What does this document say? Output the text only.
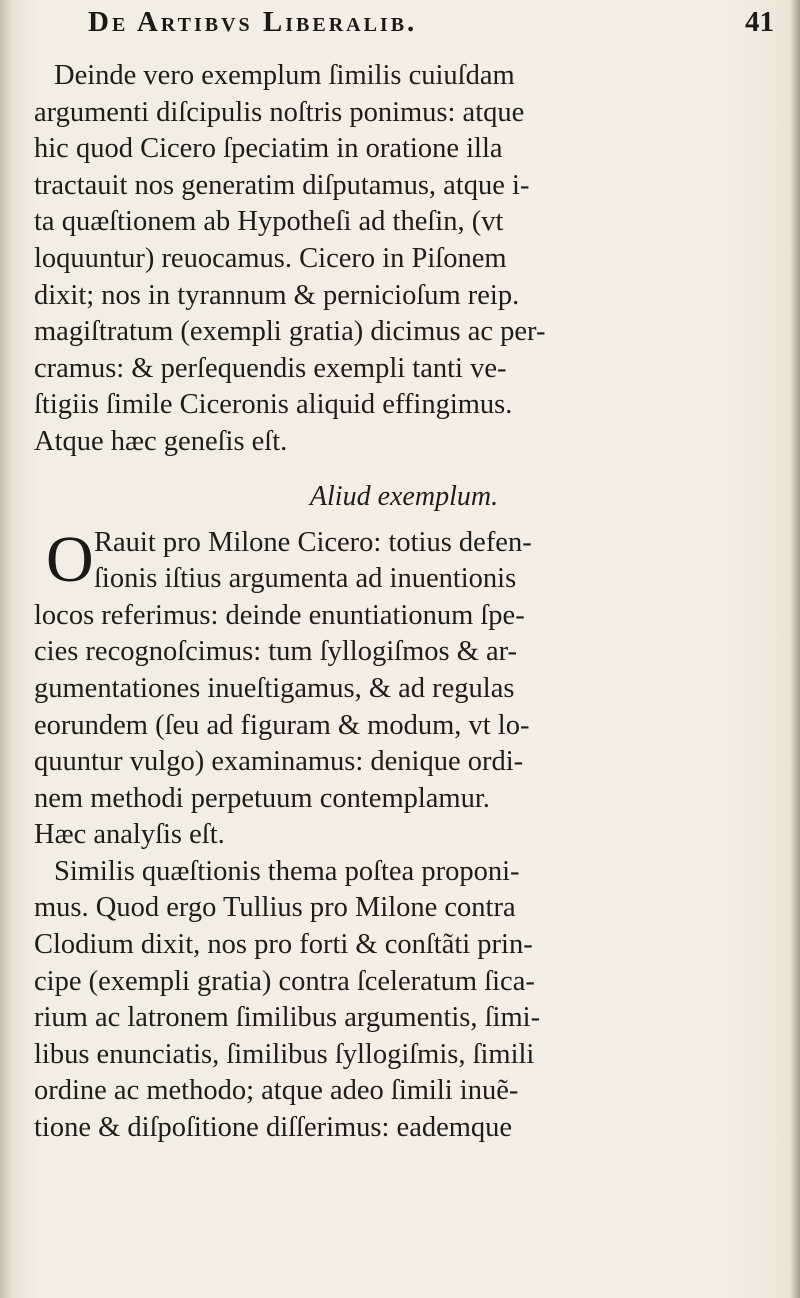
De Artibvs Liberalib.	41
Deinde vero exemplum ſimilis cuiuſdam
argumenti diſcipulis noſtris ponimus: atque
hic quod Cicero ſpeciatim in oratione illa
tractauit nos generatim diſputamus, atque i-
ta quæſtionem ab Hypotheſi ad theſin, (vt
loquuntur) reuocamus. Cicero in Piſonem
dixit; nos in tyrannum & pernicioſum reip.
magiſtratum (exempli gratia) dicimus ac per-
cramus: & perſequendis exempli tanti ve-
ſtigiis ſimile Ciceronis aliquid effingimus.
Atque hæc geneſis eſt.
Aliud exemplum.
O Rauit pro Milone Cicero: totius defen-
ſionis iſtius argumenta ad inuentionis
locos referimus: deinde enuntiationum ſpe-
cies recognoſcimus: tum ſyllogiſmos & ar-
gumentationes inueſtigamus, & ad regulas
eorundem (ſeu ad figuram & modum, vt lo-
quuntur vulgo) examinamus: denique ordi-
nem methodi perpetuum contemplamur.
Hæc analyſis eſt.
Similis quæſtionis thema poſtea proponi-
mus. Quod ergo Tullius pro Milone contra
Clodium dixit, nos pro forti & conſtãti prin-
cipe (exempli gratia) contra ſceleratum ſica-
rium ac latronem ſimilibus argumentis, ſimi-
libus enunciatis, ſimilibus ſyllogiſmis, ſimili
ordine ac methodo; atque adeo ſimili inuẽ-
tione & diſpoſitione diſſerimus: eademque
